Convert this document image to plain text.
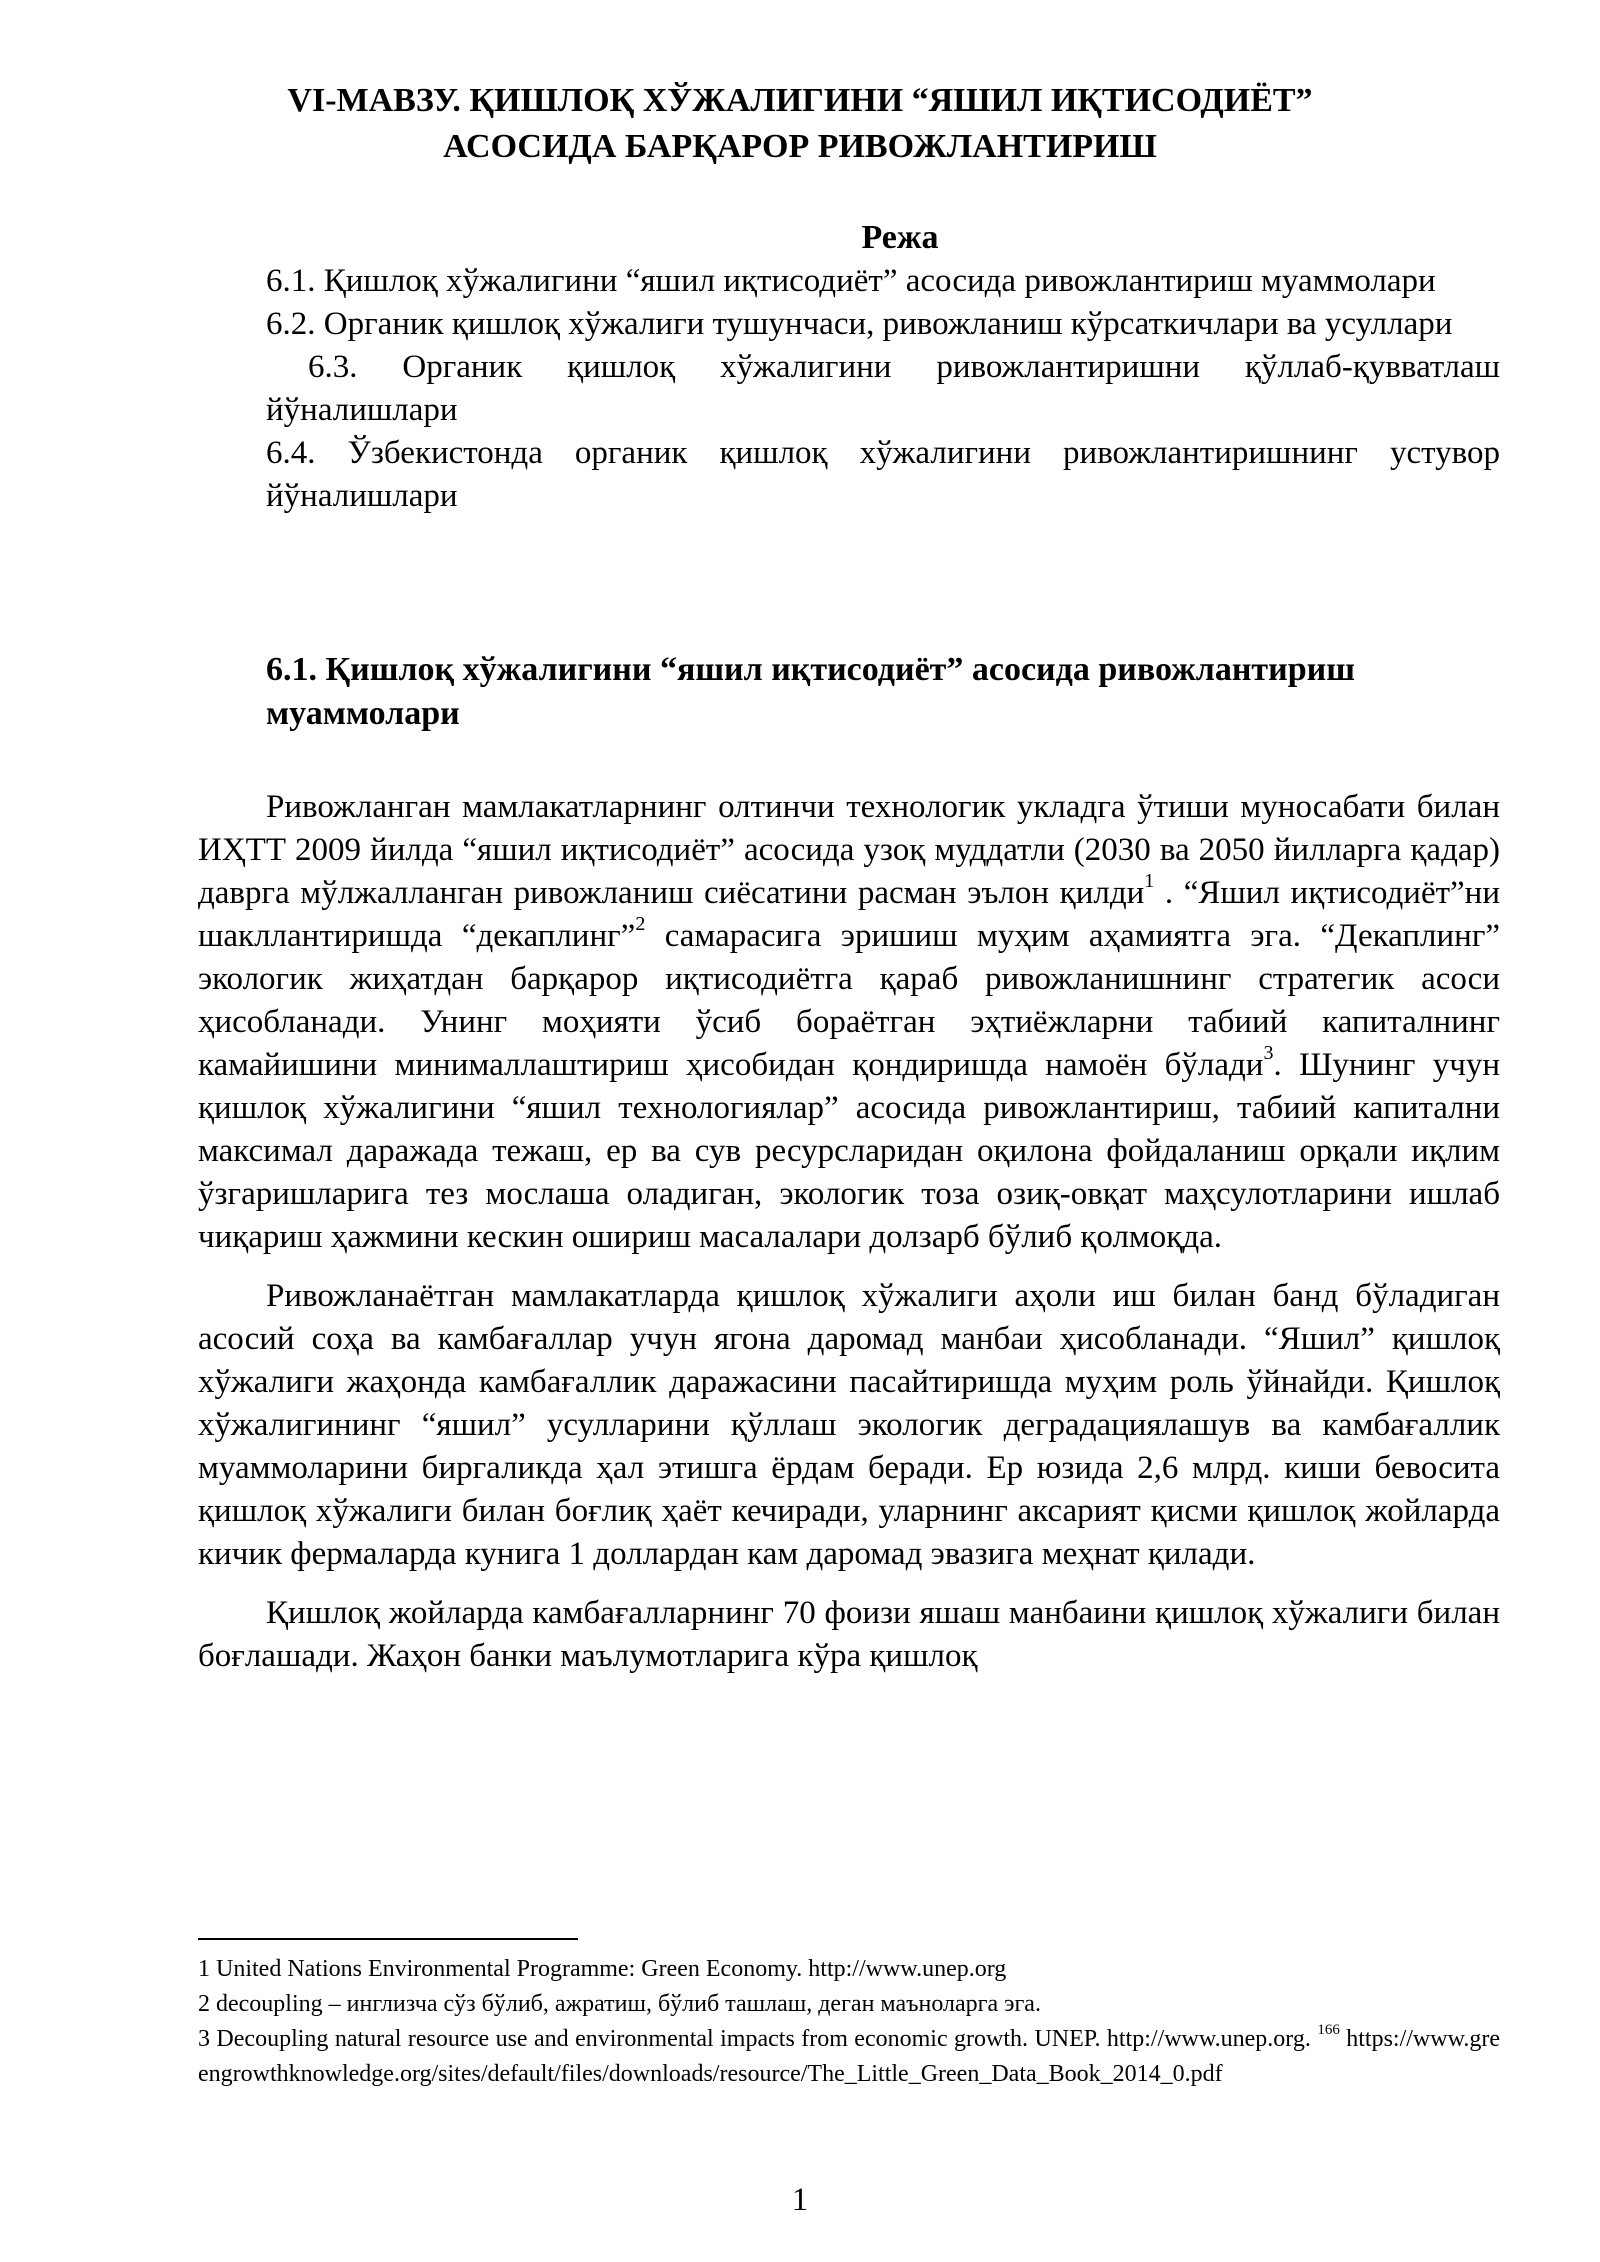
VI-МАВЗУ. ҚИШЛОҚ ХЎЖАЛИГИНИ “ЯШИЛ ИҚТИСОДИЁТ”
АСОСИДА БАРҚАРОР РИВОЖЛАНТИРИШ
Режа

6.1. Қишлоқ хўжалигини “яшил иқтисодиёт” асосида ривожлантириш муаммолари

6.2. Органик қишлоқ хўжалиги тушунчаси, ривожланиш кўрсаткичлари ва усуллари

6.3. Органик қишлоқ хўжалигини ривожлантиришни қўллаб-қувватлаш йўналишлари

6.4. Ўзбекистонда органик қишлоқ хўжалигини ривожлантиришнинг устувор йўналишлари

6.1. Қишлоқ хўжалигини “яшил иқтисодиёт” асосида ривожлантириш муаммолари

Ривожланган мамлакатларнинг олтинчи технологик укладга ўтиши муносабати билан ИҲТТ 2009 йилда “яшил иқтисодиёт” асосида узоқ муддатли (2030 ва 2050 йилларга қадар) даврга мўлжалланган ривожланиш сиёсатини расман эълон қилди$^1$ . “Яшил иқтисодиёт”ни шакллантиришда “декаплинг”$^2$ самарасига эришиш муҳим аҳамиятга эга. “Декаплинг” экологик жиҳатдан барқарор иқтисодиётга қараб ривожланишнинг стратегик асоси ҳисобланади. Унинг моҳияти ўсиб бораётган эҳтиёжларни табиий капиталнинг камайишини минималлаштириш ҳисобидан қондиришда намоён бўлади$^3$. Шунинг учун қишлоқ хўжалигини “яшил технологиялар” асосида ривожлантириш, табиий капитални максимал даражада тежаш, ер ва сув ресурсларидан оқилона фойдаланиш орқали иқлим ўзгаришларига тез мослаша оладиган, экологик тоза озиқ-овқат маҳсулотларини ишлаб чиқариш ҳажмини кескин ошириш масалалари долзарб бўлиб қолмоқда.

Ривожланаётган мамлакатларда қишлоқ хўжалиги аҳоли иш билан банд бўладиган асосий соҳа ва камбағаллар учун ягона даромад манбаи ҳисобланади. “Яшил” қишлоқ хўжалиги жаҳонда камбағаллик даражасини пасайтиришда муҳим роль ўйнайди. Қишлоқ хўжалигининг “яшил” усулларини қўллаш экологик деградациялашув ва камбағаллик муаммоларини биргаликда ҳал этишга ёрдам беради. Ер юзида 2,6 млрд. киши бевосита қишлоқ хўжалиги билан боғлиқ ҳаёт кечиради, уларнинг аксарият қисми қишлоқ жойларда кичик фермаларда кунига 1 доллардан кам даромад эвазига меҳнат қилади.

Қишлоқ жойларда камбағалларнинг 70 фоизи яшаш манбаини қишлоқ хўжалиги билан боғлашади. Жаҳон банки маълумотларига кўра қишлоқ

1 United Nations Environmental Programme: Green Economy. http://www.unep.org

2 decoupling – инглизча сўз бўлиб, ажратиш, бўлиб ташлаш, деган маъноларга эга.

3 Decoupling natural resource use and environmental impacts from economic growth. UNEP. http://www.unep.org. $^{166}$ https://www.greengrowthknowledge.org/sites/default/files/downloads/resource/The_Little_Green_Data_Book_2014_0.pdf

1
